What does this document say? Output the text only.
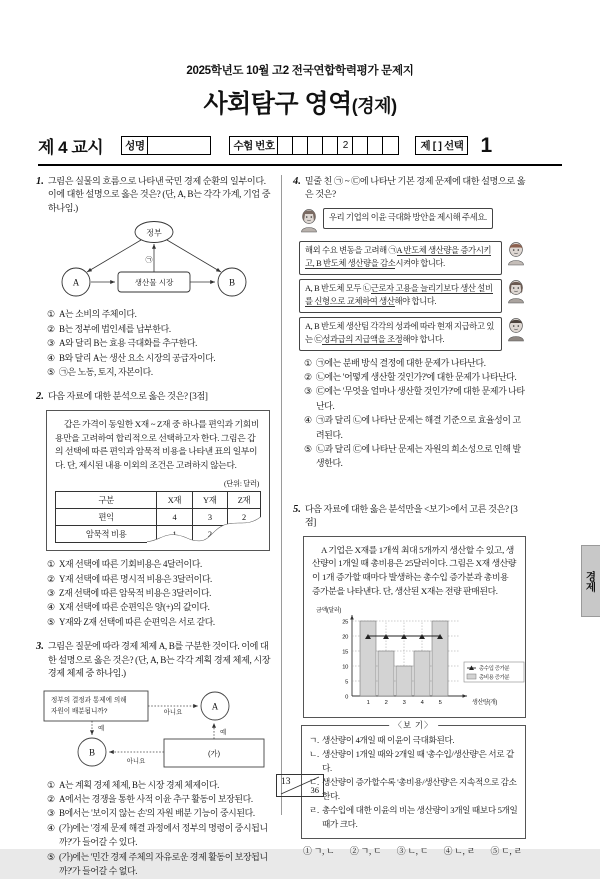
2025학년도 10월 고2 전국연합학력평가 문제지
사회탐구 영역(경제)
제 4 교시 성명	수험 번호	2	제 [ ] 선택 1
1. 그림은 실물의 흐름으로 나타낸 국민 경제 순환의 일부이다. 이에 대한 설명으로 옳은 것은? (단, A, B는 각각 가계, 기업 중 하나임.)
정부
A	B
생산물 시장
㉠
① A는 소비의 주체이다.
② B는 정부에 법인세를 납부한다.
③ A와 달리 B는 효용 극대화를 추구한다.
④ B와 달리 A는 생산 요소 시장의 공급자이다.
⑤ ㉠은 노동, 토지, 자본이다.
2. 다음 자료에 대한 분석으로 옳은 것은? [3점]

갑은 가격이 동일한 X재 ~ Z재 중 하나를 편익과 기회비용만을 고려하여 합리적으로 선택하고자 한다. 그림은 갑의 선택에 따른 편익과 암묵적 비용을 나타낸 표의 일부이다. 단, 제시된 내용 이외의 조건은 고려하지 않는다.

(단위: 달러)
구분	X재	Y재	Z재
편익	4	3	2
암묵적 비용	1	2	
① X재 선택에 따른 기회비용은 4달러이다.
② Y재 선택에 따른 명시적 비용은 3달러이다.
③ Z재 선택에 따른 암묵적 비용은 3달러이다.
④ X재 선택에 따른 순편익은 양(+)의 값이다.
⑤ Y재와 Z재 선택에 따른 순편익은 서로 같다.
3. 그림은 질문에 따라 경제 체제 A, B를 구분한 것이다. 이에 대한 설명으로 옳은 것은? (단, A, B는 각각 계획 경제 체제, 시장 경제 체제 중 하나임.)
정부의 결정과 통제에 의해
자원이 배분됩니까?	A
B	(가)
아니요
예
예
아니요
① A는 계획 경제 체제, B는 시장 경제 체제이다.
② A에서는 경쟁을 통한 사적 이윤 추구 활동이 보장된다.
③ B에서는 '보이지 않는 손'의 자원 배분 기능이 중시된다.
④ (가)에는 '경제 문제 해결 과정에서 정부의 명령이 중시됩니까?'가 들어갈 수 있다.
⑤ (가)에는 '민간 경제 주체의 자유로운 경제 활동이 보장됩니까?'가 들어갈 수 없다.
4. 밑줄 친 ㉠ ~ ㉢에 나타난 기본 경제 문제에 대한 설명으로 옳은 것은?
우리 기업의 이윤 극대화 방안을 제시해 주세요.
해외 수요 변동을 고려해 ㉠A 반도체 생산량을 증가시키고, B 반도체 생산량을 감소시켜야 합니다.
A, B 반도체 모두 ㉡근로자 고용을 늘리기보다 생산 설비를 신형으로 교체하여 생산해야 합니다.
A, B 반도체 생산팀 각각의 성과에 따라 현재 지급하고 있는 ㉢성과급의 지급액을 조정해야 합니다.
① ㉠에는 분배 방식 결정에 대한 문제가 나타난다.
② ㉡에는 '어떻게 생산할 것인가?'에 대한 문제가 나타난다.
③ ㉢에는 '무엇을 얼마나 생산할 것인가?'에 대한 문제가 나타난다.
④ ㉠과 달리 ㉡에 나타난 문제는 해결 기준으로 효율성이 고려된다.
⑤ ㉡과 달리 ㉢에 나타난 문제는 자원의 희소성으로 인해 발생한다.
5. 다음 자료에 대한 옳은 분석만을 <보기>에서 고른 것은? [3점]

A 기업은 X재를 1개씩 최대 5개까지 생산할 수 있고, 생산량이 1개일 때 총비용은 25달러이다. 그림은 X재 생산량이 1개 증가할 때마다 발생하는 총수입 증가분과 총비용 증가분을 나타낸다. 단, 생산된 X재는 전량 판매된다.

금액(달러)
0
5
10
15
20
25
1	2	3	4	5	생산량(개)
총수입 증가분
총비용 증가분
〈보 기〉
ㄱ. 생산량이 4개일 때 이윤이 극대화된다.
ㄴ. 생산량이 1개일 때와 2개일 때 '총수입/생산량'은 서로 같다.
ㄷ. 생산량이 증가할수록 '총비용/생산량'은 지속적으로 감소한다.
ㄹ. 총수입에 대한 이윤의 비는 생산량이 3개일 때보다 5개일 때가 크다.
① ㄱ, ㄴ ② ㄱ, ㄷ ③ ㄴ, ㄷ ④ ㄴ, ㄹ ⑤ ㄷ, ㄹ
13
36
경제
